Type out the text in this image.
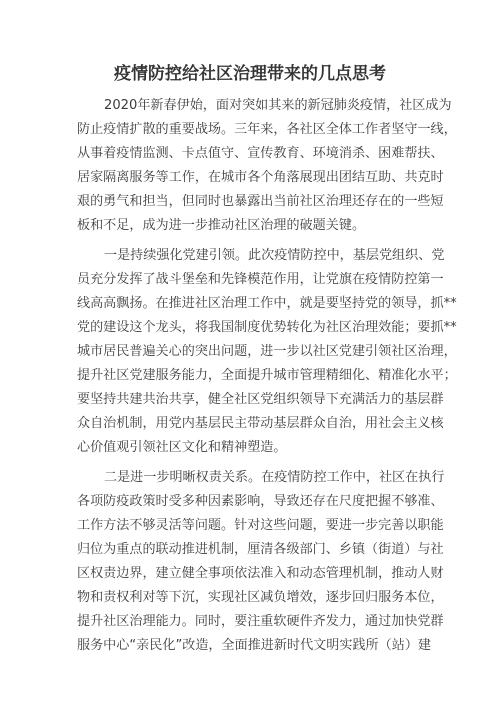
疫情防控给社区治理带来的几点思考
2020年新春伊始，面对突如其来的新冠肺炎疫情，社区成为
防止疫情扩散的重要战场。三年来，各社区全体工作者坚守一线，
从事着疫情监测、卡点值守、宣传教育、环境消杀、困难帮扶、
居家隔离服务等工作，在城市各个角落展现出团结互助、共克时
艰的勇气和担当，但同时也暴露出当前社区治理还存在的一些短
板和不足，成为进一步推动社区治理的破题关键。
一是持续强化党建引领。此次疫情防控中，基层党组织、党
员充分发挥了战斗堡垒和先锋模范作用，让党旗在疫情防控第一
线高高飘扬。在推进社区治理工作中，就是要坚持党的领导，抓**
党的建设这个龙头，将我国制度优势转化为社区治理效能；要抓**
城市居民普遍关心的突出问题，进一步以社区党建引领社区治理，
提升社区党建服务能力，全面提升城市管理精细化、精准化水平；
要坚持共建共治共享，健全社区党组织领导下充满活力的基层群
众自治机制，用党内基层民主带动基层群众自治，用社会主义核
心价值观引领社区文化和精神塑造。
二是进一步明晰权责关系。在疫情防控工作中，社区在执行
各项防疫政策时受多种因素影响，导致还存在尺度把握不够准、
工作方法不够灵活等问题。针对这些问题，要进一步完善以职能
归位为重点的联动推进机制，厘清各级部门、乡镇（街道）与社
区权责边界，建立健全事项依法准入和动态管理机制，推动人财
物和责权利对等下沉，实现社区减负增效，逐步回归服务本位，
提升社区治理能力。同时，要注重软硬件齐发力，通过加快党群
服务中心“亲民化”改造，全面推进新时代文明实践所（站）建
